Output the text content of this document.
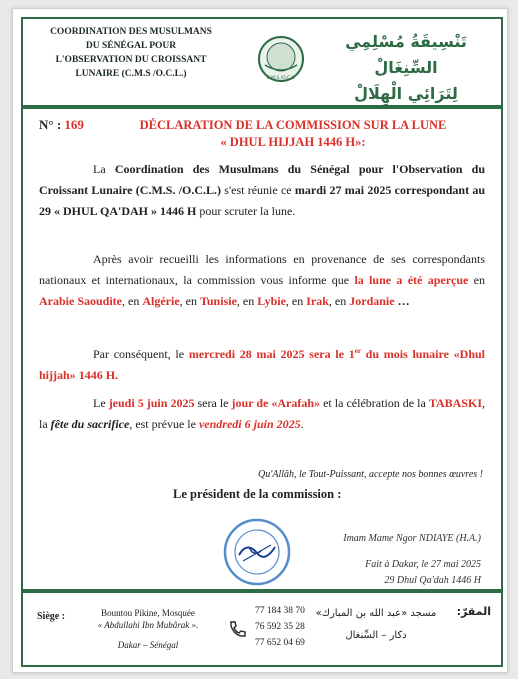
COORDINATION DES MUSULMANS
DU SÉNÉGAL POUR
L'OBSERVATION DU CROISSANT
LUNAIRE (C.M.S /O.C.L.)	C.M.S./O.C.L.
تَنْسِيقَةُ مُسْلِمِي السِّنِغَالْ
لِتَرَائِي الْهِلَالْ
N° : 169	DÉCLARATION DE LA COMMISSION SUR LA LUNE
« DHUL HIJJAH 1446 H»:
La Coordination des Musulmans du Sénégal pour l'Observation du Croissant Lunaire (C.M.S. /O.C.L.) s'est réunie ce mardi 27 mai 2025 correspondant au 29 « DHUL QA'DAH » 1446 H pour scruter la lune.
Après avoir recueilli les informations en provenance de ses correspondants nationaux et internationaux, la commission vous informe que la lune a été aperçue en Arabie Saoudite, en Algérie, en Tunisie, en Lybie, en Irak, en Jordanie …
Par conséquent, le mercredi 28 mai 2025 sera le 1er du mois lunaire «Dhul hijjah» 1446 H.
Le jeudi 5 juin 2025 sera le jour de «Arafah» et la célébration de la TABASKI, la fête du sacrifice, est prévue le vendredi 6 juin 2025.
Qu'Allâh, le Tout-Puissant, accepte nos bonnes œuvres !
Le président de la commission :
Imam Mame Ngor NDIAYE (H.A.)
Fait à Dakar, le 27 mai 2025
29 Dhul Qa'dah 1446 H
Siège :	Bountou Pikine, Mosquée
« Abdullahi Ibn Mubârak ».
Dakar – Sénégal
77 184 38 70
76 592 35 28
77 652 04 69
مسجد «عبد الله بن المبارك»
دكار – السِّنغال
المقرّ:
